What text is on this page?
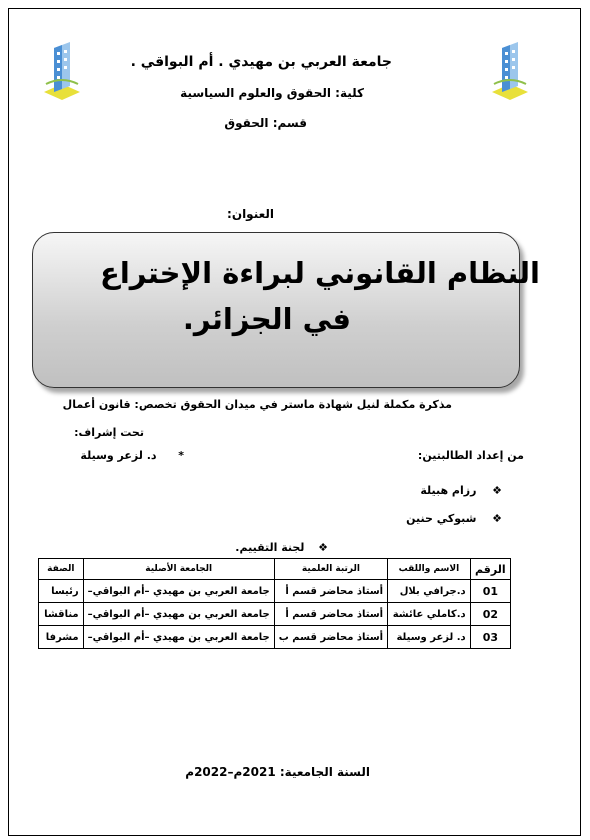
جامعة العربي بن مهيدي . أم البواقي .
كلية: الحقوق والعلوم السياسية
قسم: الحقوق
العنوان:
النظام القانوني لبراءة الإختراع
في الجزائر.
مذكرة مكملة لنيل شهادة ماستر في ميدان الحقوق تخصص: قانون أعمال
تحت إشراف:
من إعداد الطالبتين:
*  د. لزعر وسيلة
❖  رزام هبيلة
❖  شبوكي حنين
❖  لجنة التقييم.
الرقم	الاسم واللقب	الرتبة العلمية	الجامعة الأصلية	الصفة
01	د.جرافي بلال	أستاذ محاضر قسم أ	جامعة العربي بن مهيدي –أم البواقي–	رئيسا
02	د.كاملي عائشة	أستاذ محاضر قسم أ	جامعة العربي بن مهيدي –أم البواقي–	مناقشا
03	د. لزعر وسيلة	أستاذ محاضر قسم ب	جامعة العربي بن مهيدي –أم البواقي–	مشرفا
السنة الجامعية: 2021م–2022م
